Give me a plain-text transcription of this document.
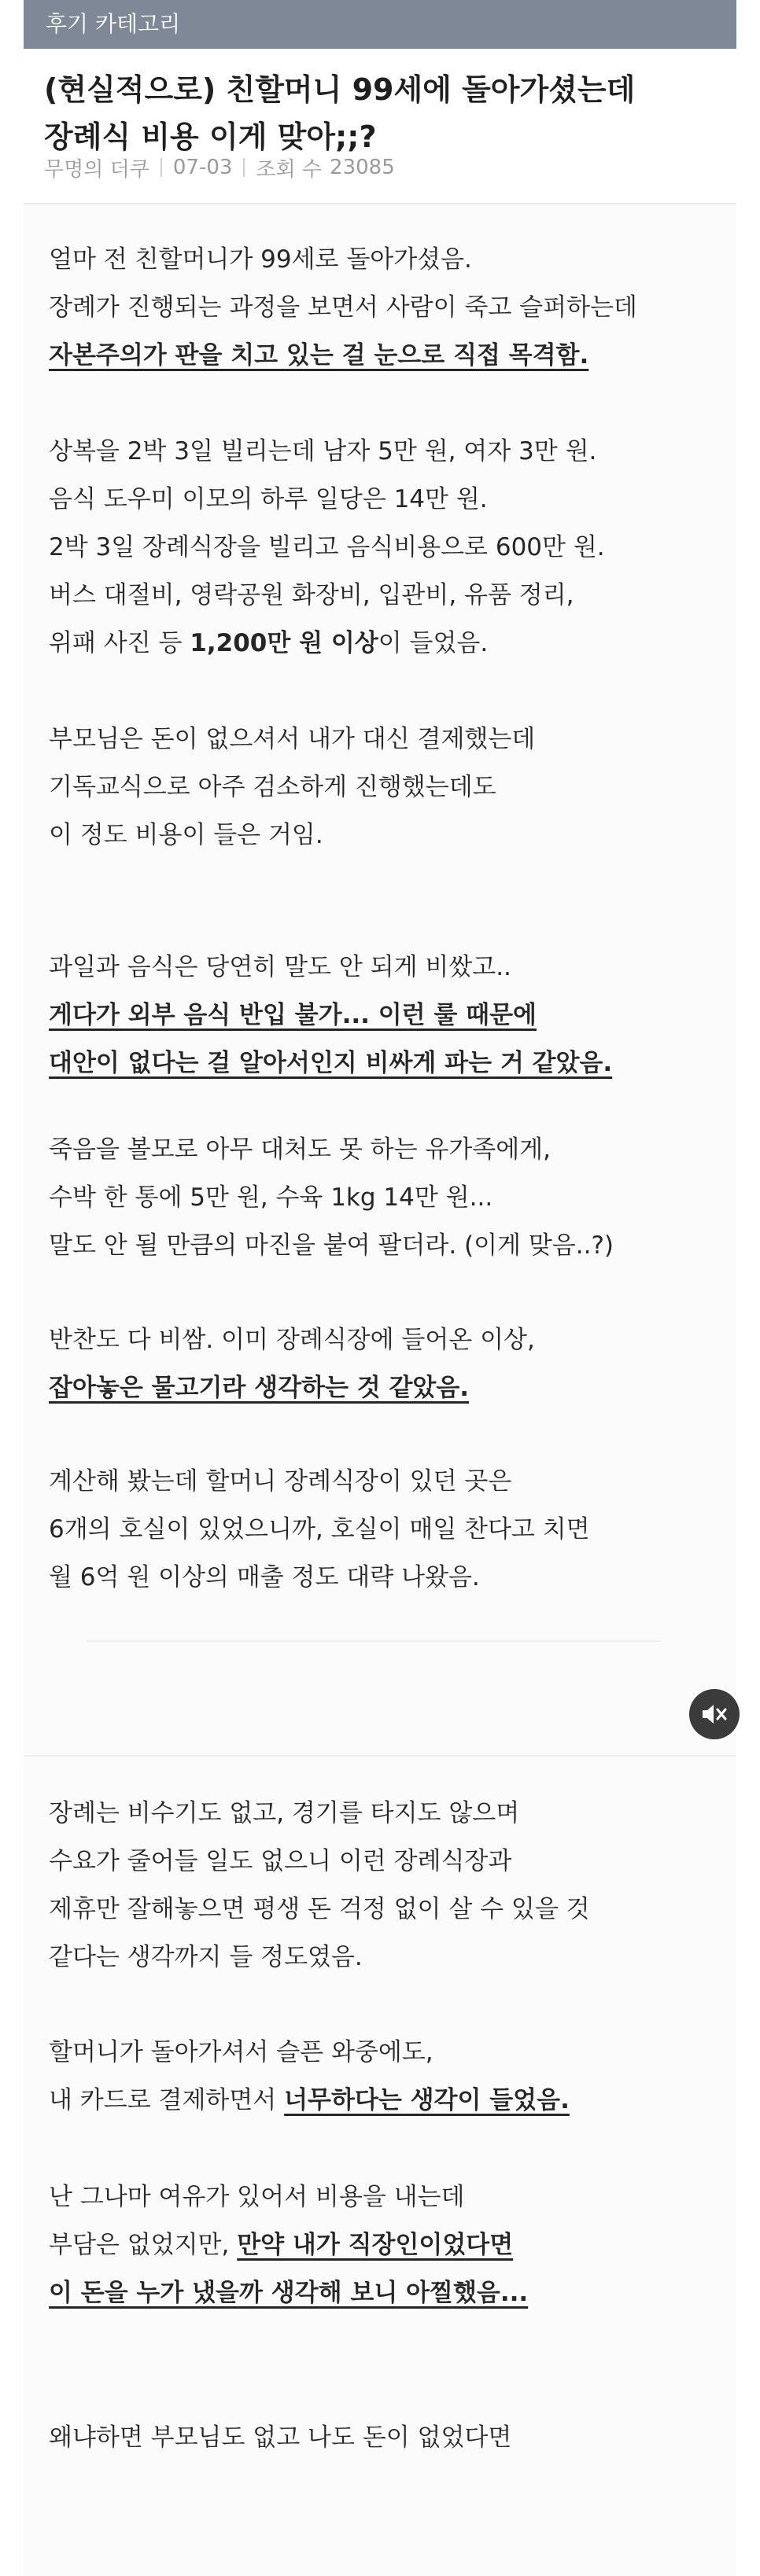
후기 카테고리
(현실적으로) 친할머니 99세에 돌아가셨는데
장례식 비용 이게 맞아;;?
무명의 더쿠 07-03 조회 수 23085
얼마 전 친할머니가 99세로 돌아가셨음.
장례가 진행되는 과정을 보면서 사람이 죽고 슬퍼하는데
자본주의가 판을 치고 있는 걸 눈으로 직접 목격함.
상복을 2박 3일 빌리는데 남자 5만 원, 여자 3만 원.
음식 도우미 이모의 하루 일당은 14만 원.
2박 3일 장례식장을 빌리고 음식비용으로 600만 원.
버스 대절비, 영락공원 화장비, 입관비, 유품 정리,
위패 사진 등 1,200만 원 이상이 들었음.
부모님은 돈이 없으셔서 내가 대신 결제했는데
기독교식으로 아주 검소하게 진행했는데도
이 정도 비용이 들은 거임.
과일과 음식은 당연히 말도 안 되게 비쌌고..
게다가 외부 음식 반입 불가... 이런 룰 때문에
대안이 없다는 걸 알아서인지 비싸게 파는 거 같았음.
죽음을 볼모로 아무 대처도 못 하는 유가족에게,
수박 한 통에 5만 원, 수육 1kg 14만 원...
말도 안 될 만큼의 마진을 붙여 팔더라. (이게 맞음..?)
반찬도 다 비쌈. 이미 장례식장에 들어온 이상,
잡아놓은 물고기라 생각하는 것 같았음.
계산해 봤는데 할머니 장례식장이 있던 곳은
6개의 호실이 있었으니까, 호실이 매일 찬다고 치면
월 6억 원 이상의 매출 정도 대략 나왔음.
장례는 비수기도 없고, 경기를 타지도 않으며
수요가 줄어들 일도 없으니 이런 장례식장과
제휴만 잘해놓으면 평생 돈 걱정 없이 살 수 있을 것
같다는 생각까지 들 정도였음.
할머니가 돌아가셔서 슬픈 와중에도,
내 카드로 결제하면서 너무하다는 생각이 들었음.
난 그나마 여유가 있어서 비용을 내는데
부담은 없었지만, 만약 내가 직장인이었다면
이 돈을 누가 냈을까 생각해 보니 아찔했음...
왜냐하면 부모님도 없고 나도 돈이 없었다면
